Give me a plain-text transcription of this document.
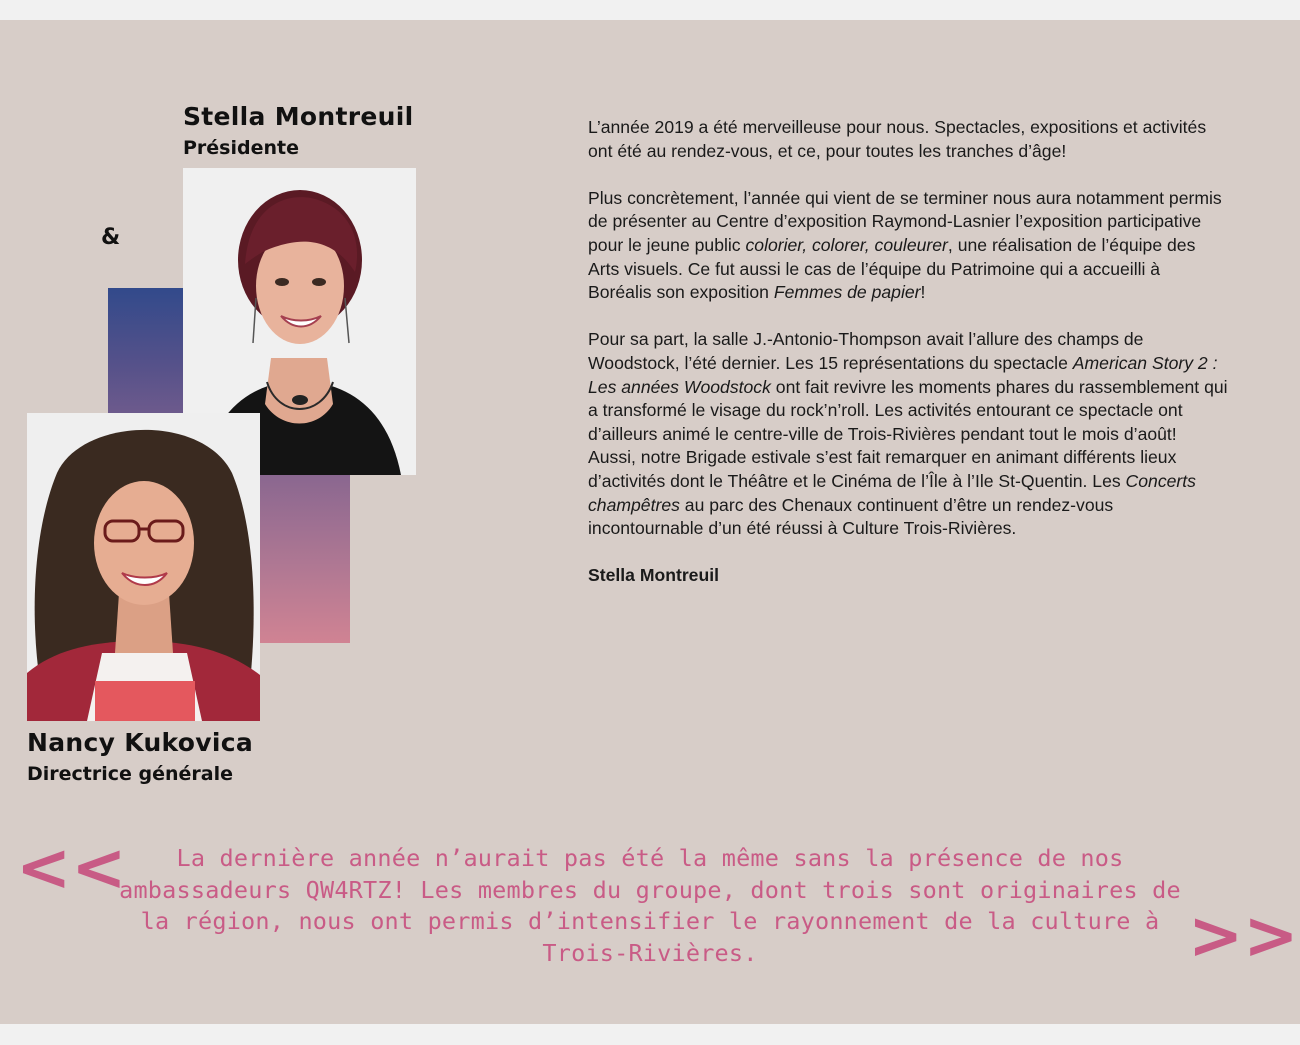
Stella Montreuil
Présidente
&
Nancy Kukovica
Directrice générale

L’année 2019 a été merveilleuse pour nous. Spectacles, expositions et activités ont été au rendez-vous, et ce, pour toutes les tranches d’âge!

Plus concrètement, l’année qui vient de se terminer nous aura notamment permis de présenter au Centre d’exposition Raymond-Lasnier l’exposition participative pour le jeune public colorier, colorer, couleurer, une réalisation de l’équipe des Arts visuels. Ce fut aussi le cas de l’équipe du Patrimoine qui a accueilli à Boréalis son exposition Femmes de papier!

Pour sa part, la salle J.-Antonio-Thompson avait l’allure des champs de Woodstock, l’été dernier. Les 15 représentations du spectacle American Story 2 : Les années Woodstock ont fait revivre les moments phares du rassemblement qui a transformé le visage du rock’n’roll. Les activités entourant ce spectacle ont d’ailleurs animé le centre-ville de Trois-Rivières pendant tout le mois d’août! Aussi, notre Brigade estivale s’est fait remarquer en animant différents lieux d’activités dont le Théâtre et le Cinéma de l’Île à l’Ile St-Quentin. Les Concerts champêtres au parc des Chenaux continuent d’être un rendez-vous incontournable d’un été réussi à Culture Trois-Rivières.

Stella Montreuil

<<	La dernière année n’aurait pas été la même sans la présence de nos ambassadeurs QW4RTZ! Les membres du groupe, dont trois sont originaires de la région, nous ont permis d’intensifier le rayonnement de la culture à Trois-Rivières.	>>
